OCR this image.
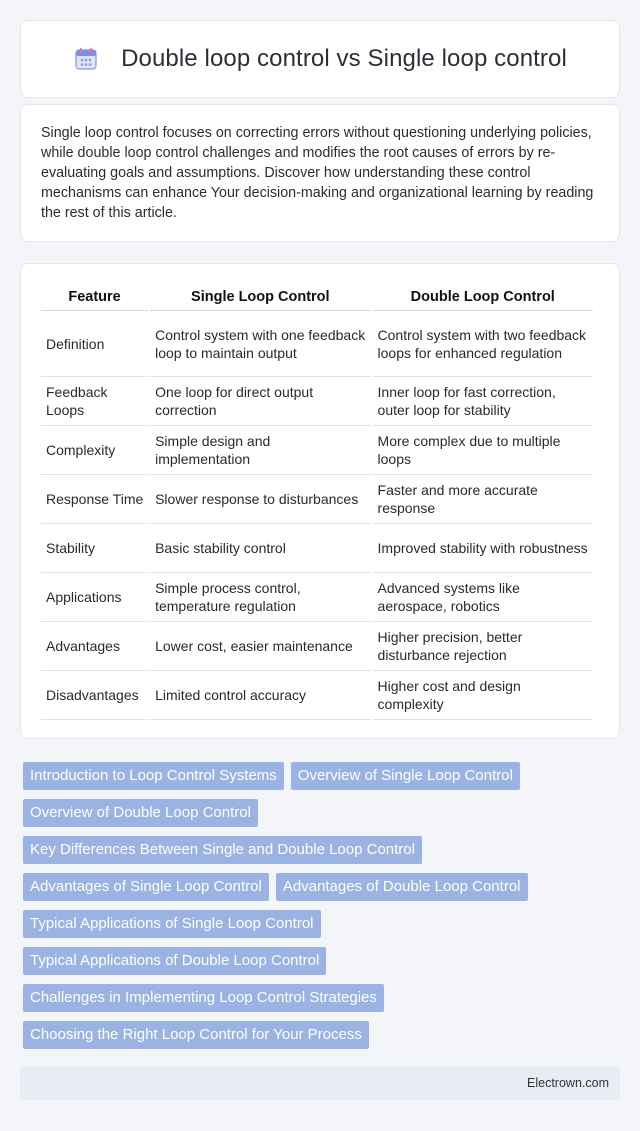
Double loop control vs Single loop control

Single loop control focuses on correcting errors without questioning underlying policies, while double loop control challenges and modifies the root causes of errors by re-evaluating goals and assumptions. Discover how understanding these control mechanisms can enhance Your decision-making and organizational learning by reading the rest of this article.

Feature	Single Loop Control	Double Loop Control
Definition	Control system with one feedback loop to maintain output	Control system with two feedback loops for enhanced regulation
Feedback Loops	One loop for direct output correction	Inner loop for fast correction, outer loop for stability
Complexity	Simple design and implementation	More complex due to multiple loops
Response Time	Slower response to disturbances	Faster and more accurate response
Stability	Basic stability control	Improved stability with robustness
Applications	Simple process control, temperature regulation	Advanced systems like aerospace, robotics
Advantages	Lower cost, easier maintenance	Higher precision, better disturbance rejection
Disadvantages	Limited control accuracy	Higher cost and design complexity
Introduction to Loop Control Systems Overview of Single Loop Control Overview of Double Loop Control Key Differences Between Single and Double Loop Control Advantages of Single Loop Control Advantages of Double Loop Control Typical Applications of Single Loop Control Typical Applications of Double Loop Control Challenges in Implementing Loop Control Strategies Choosing the Right Loop Control for Your Process
Electrown.com
